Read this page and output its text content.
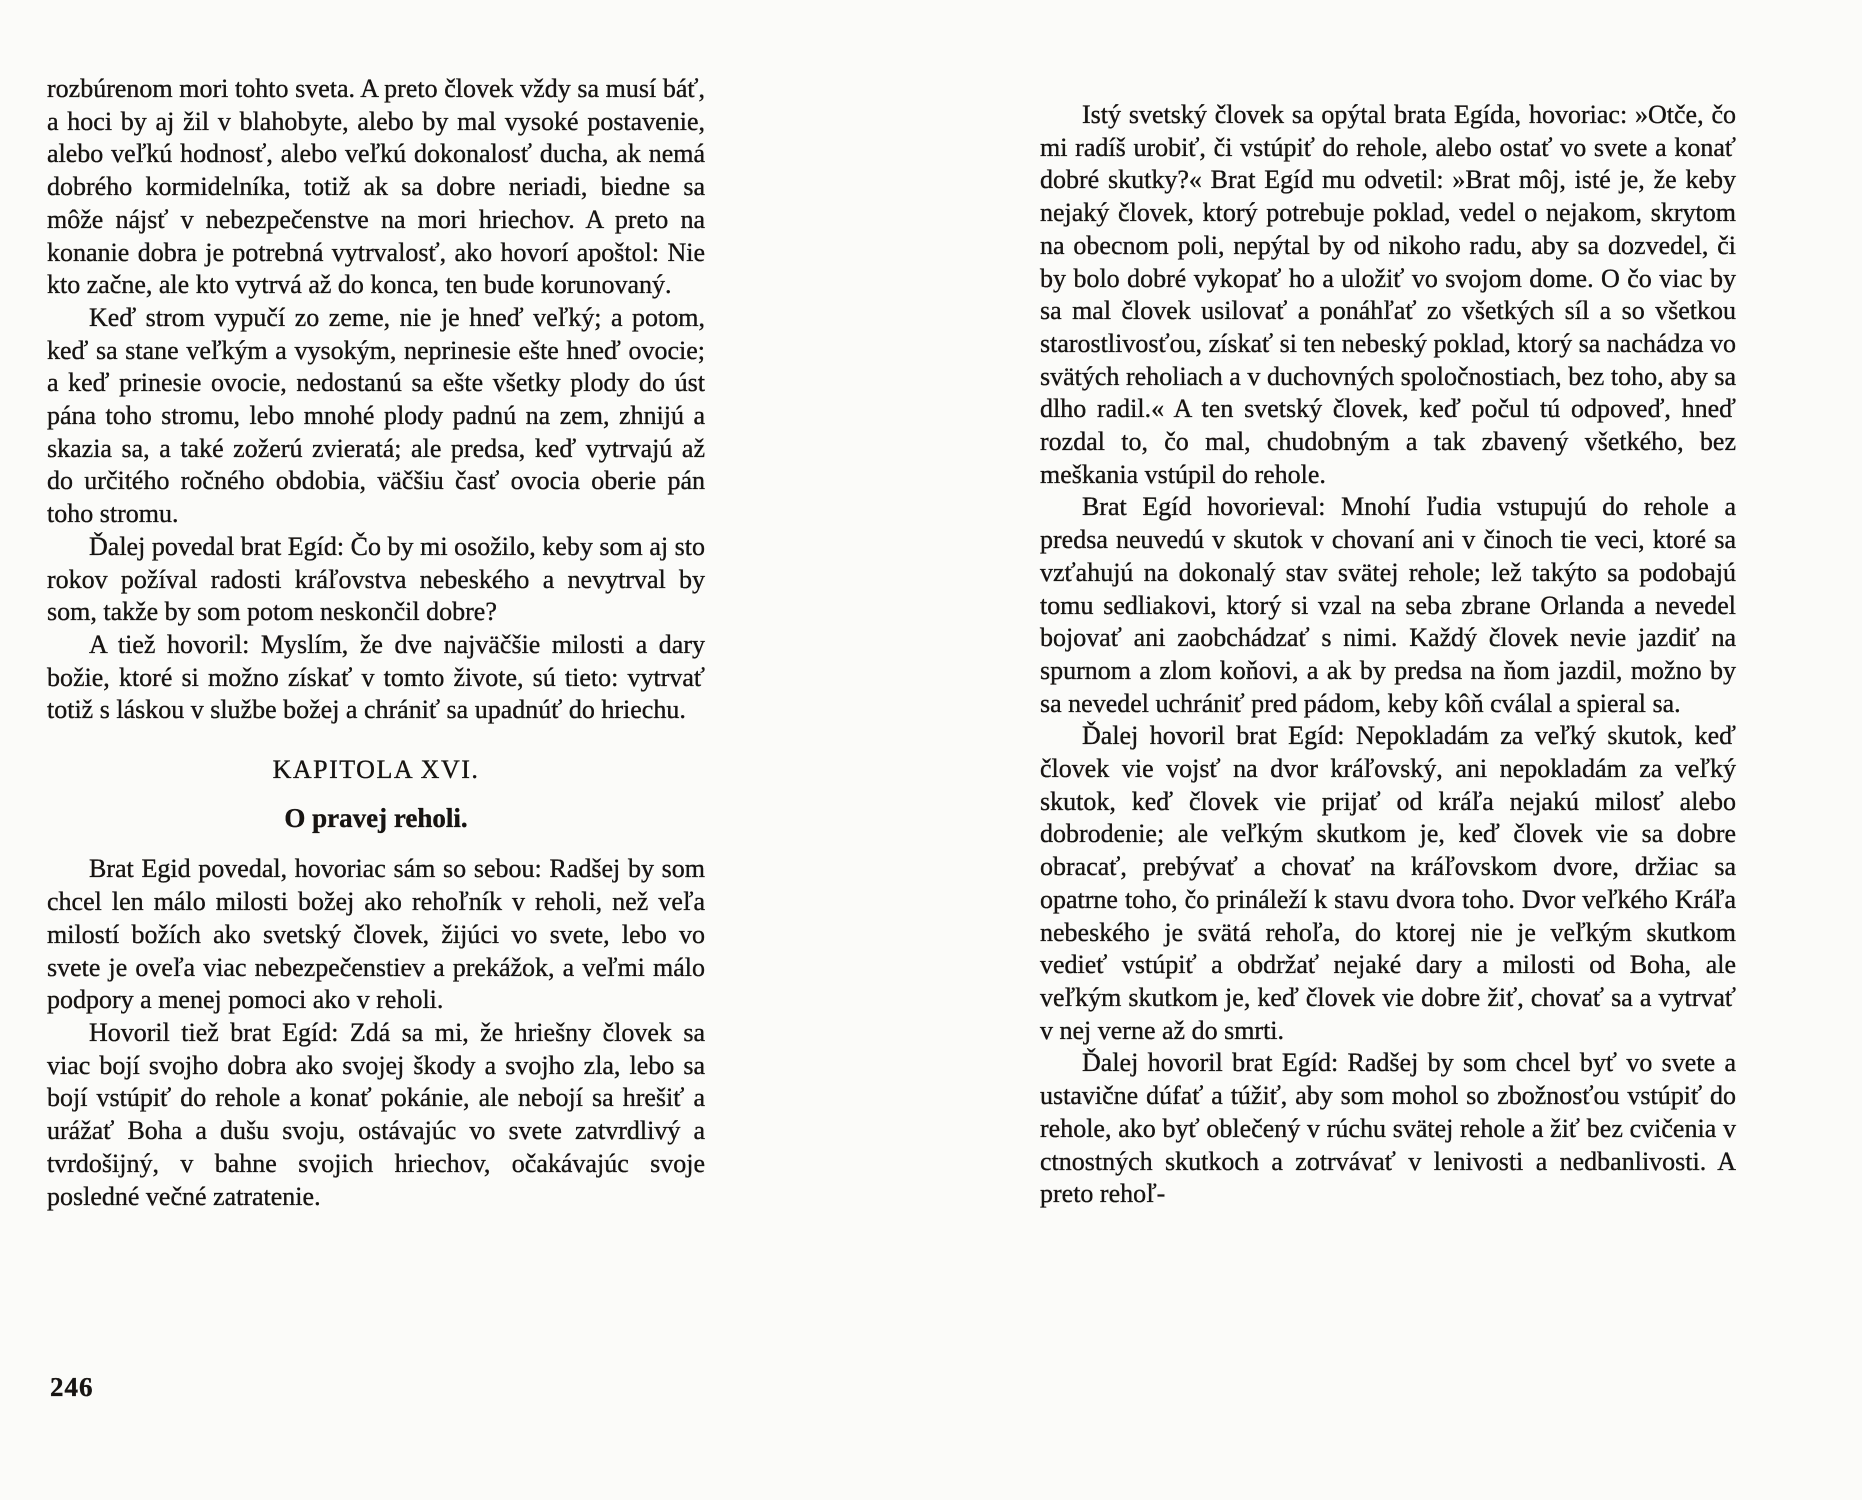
rozbúrenom mori tohto sveta. A preto človek vždy sa musí báť, a hoci by aj žil v blahobyte, alebo by mal vysoké postavenie, alebo veľkú hodnosť, alebo veľkú dokonalosť ducha, ak nemá dobrého kormidelníka, totiž ak sa dobre neriadi, biedne sa môže nájsť v nebezpečenstve na mori hriechov. A preto na konanie dobra je potrebná vytrvalosť, ako hovorí apoštol: Nie kto začne, ale kto vytrvá až do konca, ten bude korunovaný.

Keď strom vypučí zo zeme, nie je hneď veľký; a potom, keď sa stane veľkým a vysokým, neprinesie ešte hneď ovocie; a keď prinesie ovocie, nedostanú sa ešte všetky plody do úst pána toho stromu, lebo mnohé plody padnú na zem, zhnijú a skazia sa, a také zožerú zvieratá; ale predsa, keď vytrvajú až do určitého ročného obdobia, väčšiu časť ovocia oberie pán toho stromu.

Ďalej povedal brat Egíd: Čo by mi osožilo, keby som aj sto rokov požíval radosti kráľovstva nebeského a nevytrval by som, takže by som potom neskončil dobre?

A tiež hovoril: Myslím, že dve najväčšie milosti a dary božie, ktoré si možno získať v tomto živote, sú tieto: vytrvať totiž s láskou v službe božej a chrániť sa upadnúť do hriechu.

KAPITOLA XVI.
O pravej reholi.

Brat Egid povedal, hovoriac sám so sebou: Radšej by som chcel len málo milosti božej ako rehoľník v reholi, než veľa milostí božích ako svetský človek, žijúci vo svete, lebo vo svete je oveľa viac nebezpečenstiev a prekážok, a veľmi málo podpory a menej pomoci ako v reholi.

Hovoril tiež brat Egíd: Zdá sa mi, že hriešny človek sa viac bojí svojho dobra ako svojej škody a svojho zla, lebo sa bojí vstúpiť do rehole a konať pokánie, ale nebojí sa hrešiť a urážať Boha a dušu svoju, ostávajúc vo svete zatvrdlivý a tvrdošijný, v bahne svojich hriechov, očakávajúc svoje posledné večné zatratenie.

Istý svetský človek sa opýtal brata Egída, hovoriac: »Otče, čo mi radíš urobiť, či vstúpiť do rehole, alebo ostať vo svete a konať dobré skutky?« Brat Egíd mu odvetil: »Brat môj, isté je, že keby nejaký človek, ktorý potrebuje poklad, vedel o nejakom, skrytom na obecnom poli, nepýtal by od nikoho radu, aby sa dozvedel, či by bolo dobré vykopať ho a uložiť vo svojom dome. O čo viac by sa mal človek usilovať a ponáhľať zo všetkých síl a so všetkou starostlivosťou, získať si ten nebeský poklad, ktorý sa nachádza vo svätých reholiach a v duchovných spoločnostiach, bez toho, aby sa dlho radil.« A ten svetský človek, keď počul tú odpoveď, hneď rozdal to, čo mal, chudobným a tak zbavený všetkého, bez meškania vstúpil do rehole.

Brat Egíd hovorieval: Mnohí ľudia vstupujú do rehole a predsa neuvedú v skutok v chovaní ani v činoch tie veci, ktoré sa vzťahujú na dokonalý stav svätej rehole; lež takýto sa podobajú tomu sedliakovi, ktorý si vzal na seba zbrane Orlanda a nevedel bojovať ani zaobchádzať s nimi. Každý človek nevie jazdiť na spurnom a zlom koňovi, a ak by predsa na ňom jazdil, možno by sa nevedel uchrániť pred pádom, keby kôň cválal a spieral sa.

Ďalej hovoril brat Egíd: Nepokladám za veľký skutok, keď človek vie vojsť na dvor kráľovský, ani nepokladám za veľký skutok, keď človek vie prijať od kráľa nejakú milosť alebo dobrodenie; ale veľkým skutkom je, keď človek vie sa dobre obracať, prebývať a chovať na kráľovskom dvore, držiac sa opatrne toho, čo prináleží k stavu dvora toho. Dvor veľkého Kráľa nebeského je svätá rehoľa, do ktorej nie je veľkým skutkom vedieť vstúpiť a obdržať nejaké dary a milosti od Boha, ale veľkým skutkom je, keď človek vie dobre žiť, chovať sa a vytrvať v nej verne až do smrti.

Ďalej hovoril brat Egíd: Radšej by som chcel byť vo svete a ustavične dúfať a túžiť, aby som mohol so zbožnosťou vstúpiť do rehole, ako byť oblečený v rúchu svätej rehole a žiť bez cvičenia v ctnostných skutkoch a zotrvávať v lenivosti a nedbanlivosti. A preto rehoľ-

246
